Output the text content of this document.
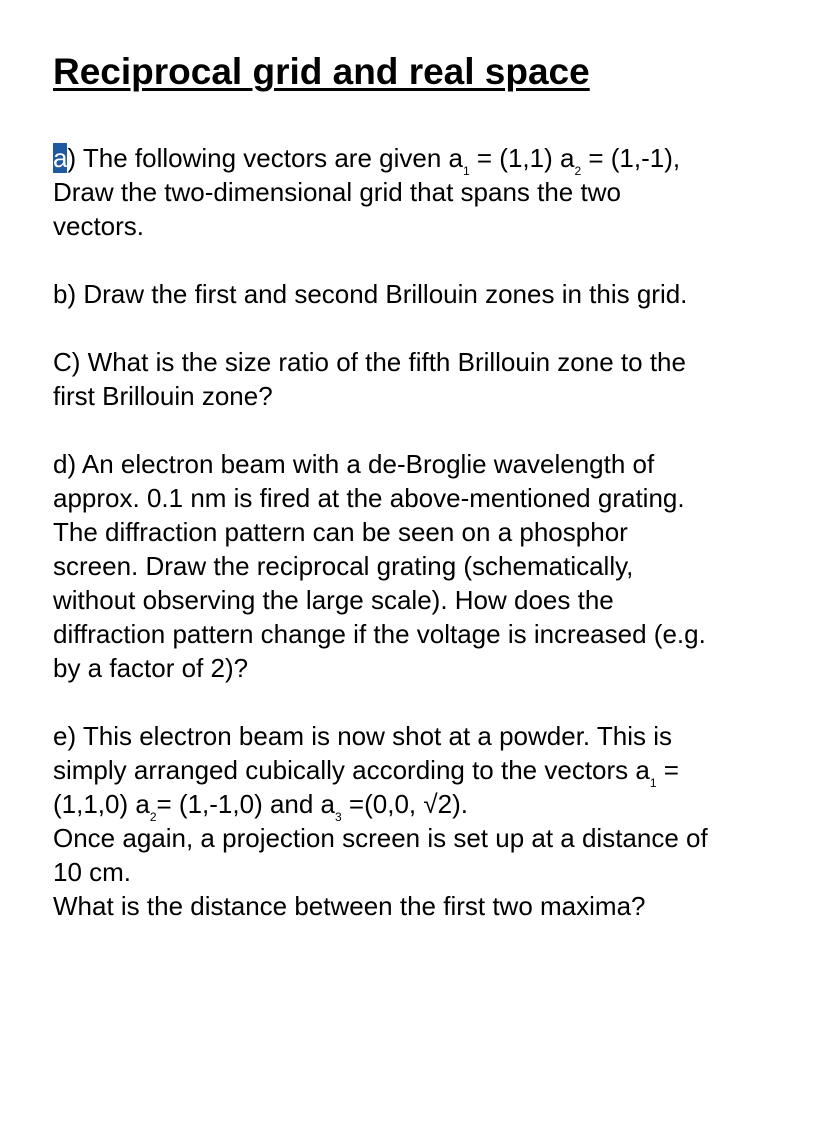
Reciprocal grid and real space
a) The following vectors are given $a_1 = (1,1) a_2 = (1,-1)$,
Draw the two-dimensional grid that spans the two
vectors.
b) Draw the first and second Brillouin zones in this grid.
C) What is the size ratio of the fifth Brillouin zone to the
first Brillouin zone?
d) An electron beam with a de-Broglie wavelength of
approx. 0.1 nm is fired at the above-mentioned grating.
The diffraction pattern can be seen on a phosphor
screen. Draw the reciprocal grating (schematically,
without observing the large scale). How does the
diffraction pattern change if the voltage is increased (e.g.
by a factor of 2)?
e) This electron beam is now shot at a powder. This is
simply arranged cubically according to the vectors $a_1$ =
(1,1,0) $a_2= (1,-1,0)$ and $a_3 =(0,0$, √2).
Once again, a projection screen is set up at a distance of
10 cm.
What is the distance between the first two maxima?
